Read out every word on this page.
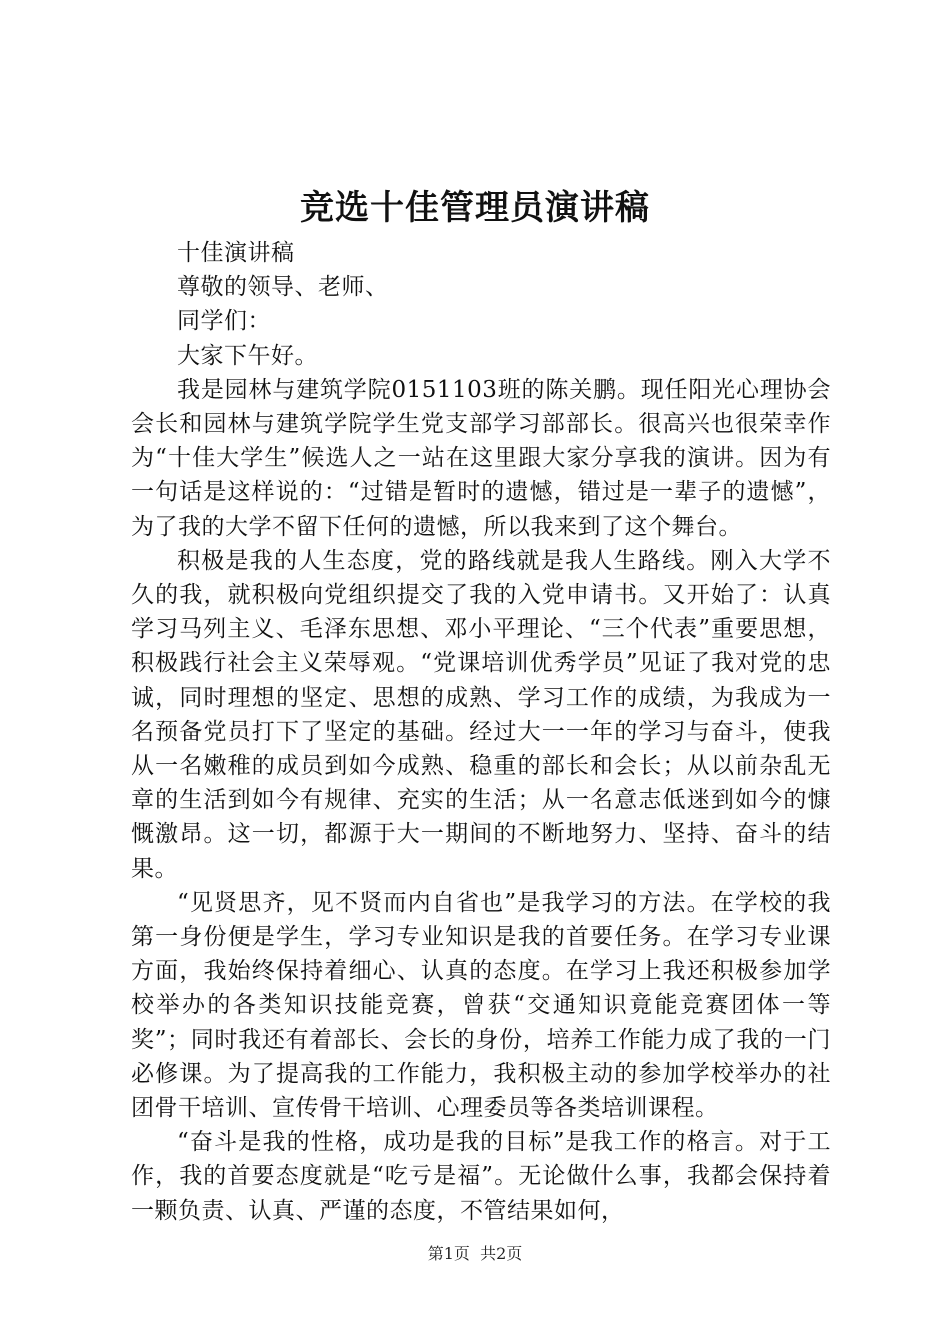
竞选十佳管理员演讲稿

十佳演讲稿

尊敬的领导、老师、

同学们：

大家下午好。

我是园林与建筑学院0151103班的陈关鹏。现任阳光心理协会会长和园林与建筑学院学生党支部学习部部长。很高兴也很荣幸作为“十佳大学生”候选人之一站在这里跟大家分享我的演讲。因为有一句话是这样说的：“过错是暂时的遗憾，错过是一辈子的遗憾”，为了我的大学不留下任何的遗憾，所以我来到了这个舞台。

积极是我的人生态度，党的路线就是我人生路线。刚入大学不久的我，就积极向党组织提交了我的入党申请书。又开始了：认真学习马列主义、毛泽东思想、邓小平理论、“三个代表”重要思想，积极践行社会主义荣辱观。“党课培训优秀学员”见证了我对党的忠诚，同时理想的坚定、思想的成熟、学习工作的成绩，为我成为一名预备党员打下了坚定的基础。经过大一一年的学习与奋斗，使我从一名嫩稚的成员到如今成熟、稳重的部长和会长；从以前杂乱无章的生活到如今有规律、充实的生活；从一名意志低迷到如今的慷慨激昂。这一切，都源于大一期间的不断地努力、坚持、奋斗的结果。

“见贤思齐，见不贤而内自省也”是我学习的方法。在学校的我第一身份便是学生，学习专业知识是我的首要任务。在学习专业课方面，我始终保持着细心、认真的态度。在学习上我还积极参加学校举办的各类知识技能竞赛，曾获“交通知识竟能竞赛团体一等奖”；同时我还有着部长、会长的身份，培养工作能力成了我的一门必修课。为了提高我的工作能力，我积极主动的参加学校举办的社团骨干培训、宣传骨干培训、心理委员等各类培训课程。

“奋斗是我的性格，成功是我的目标”是我工作的格言。对于工作，我的首要态度就是“吃亏是福”。无论做什么事，我都会保持着一颗负责、认真、严谨的态度，不管结果如何，

第1页  共2页
